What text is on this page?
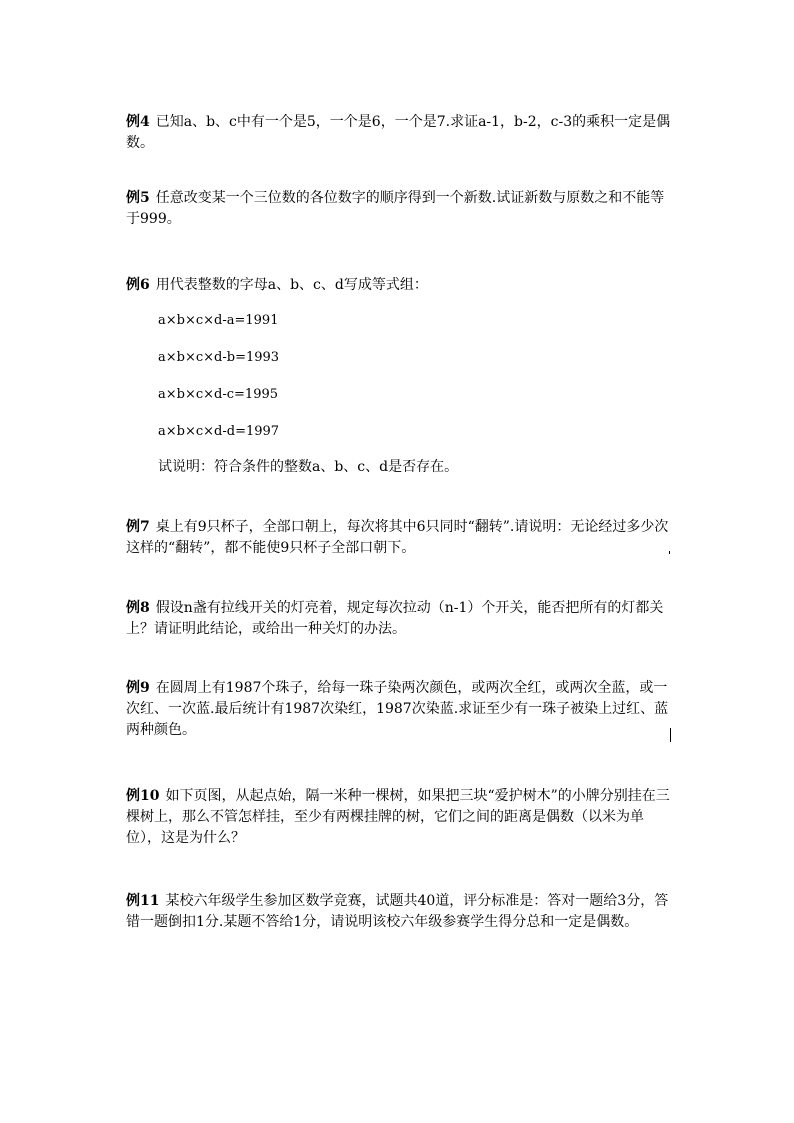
例4 已知a、b、c中有一个是5，一个是6，一个是7.求证a-1，b-2，c-3的乘积一定是偶数。

例5 任意改变某一个三位数的各位数字的顺序得到一个新数.试证新数与原数之和不能等于999。

例6 用代表整数的字母a、b、c、d写成等式组：

a×b×c×d-a=1991
a×b×c×d-b=1993
a×b×c×d-c=1995
a×b×c×d-d=1997
试说明：符合条件的整数a、b、c、d是否存在。

例7 桌上有9只杯子，全部口朝上，每次将其中6只同时“翻转”.请说明：无论经过多少次这样的“翻转”，都不能使9只杯子全部口朝下。

例8 假设n盏有拉线开关的灯亮着，规定每次拉动（n-1）个开关，能否把所有的灯都关上？请证明此结论，或给出一种关灯的办法。

例9 在圆周上有1987个珠子，给每一珠子染两次颜色，或两次全红，或两次全蓝，或一次红、一次蓝.最后统计有1987次染红，1987次染蓝.求证至少有一珠子被染上过红、蓝两种颜色。

例10 如下页图，从起点始，隔一米种一棵树，如果把三块“爱护树木”的小牌分别挂在三棵树上，那么不管怎样挂，至少有两棵挂牌的树，它们之间的距离是偶数（以米为单位），这是为什么？

例11 某校六年级学生参加区数学竞赛，试题共40道，评分标准是：答对一题给3分，答错一题倒扣1分.某题不答给1分，请说明该校六年级参赛学生得分总和一定是偶数。
